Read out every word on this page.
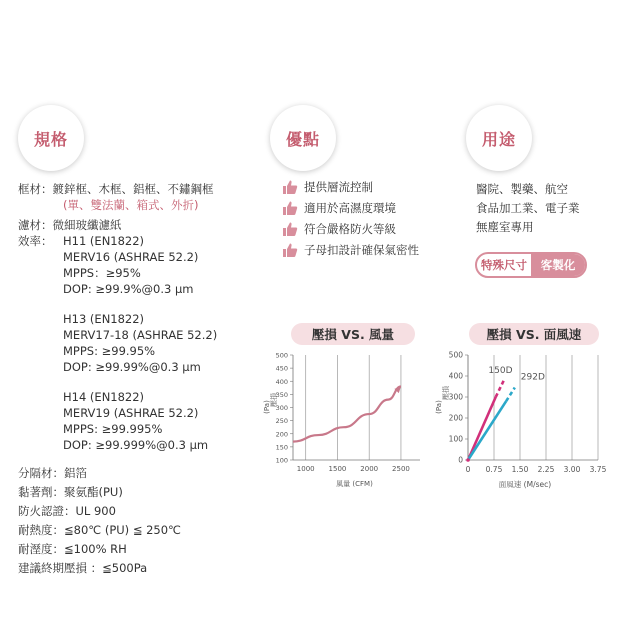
規格	優點	用途
框材： 鍍鋅框、木框、鋁框、不鏽鋼框
(單、雙法蘭、箱式、外折)
濾材： 微細玻纖濾紙
效率： H11 (EN1822)
MERV16 (ASHRAE 52.2)
MPPS：≥95%
DOP: ≥99.9%@0.3 μm
H13 (EN1822)
MERV17-18 (ASHRAE 52.2)
MPPS: ≥99.95%
DOP: ≥99.99%@0.3 μm
H14 (EN1822)
MERV19 (ASHRAE 52.2)
MPPS: ≥99.995%
DOP: ≥99.999%@0.3 μm
分隔材：鋁箔
黏著劑：聚氨酯(PU)
防火認證：UL 900
耐熱度：≦80℃ (PU) ≦ 250℃
耐溼度：≦100% RH
建議終期壓損 ：≦500Pa
提供層流控制
適用於高濕度環境
符合嚴格防火等級
子母扣設計確保氣密性
醫院、製藥、航空
食品加工業、電子業
無塵室專用
特殊尺寸	客製化
壓損 VS. 風量	壓損 VS. 面風速
1000 1500 2000 2500
100
150
200
250
300
350
400
450
500
(Pa) 壓損
風量 (CFM)
0 0.75 1.50 2.25 3.00 3.75
0
100
200
300
400
500
150D
292D
(Pa)
壓損
面風速 (M/sec)
